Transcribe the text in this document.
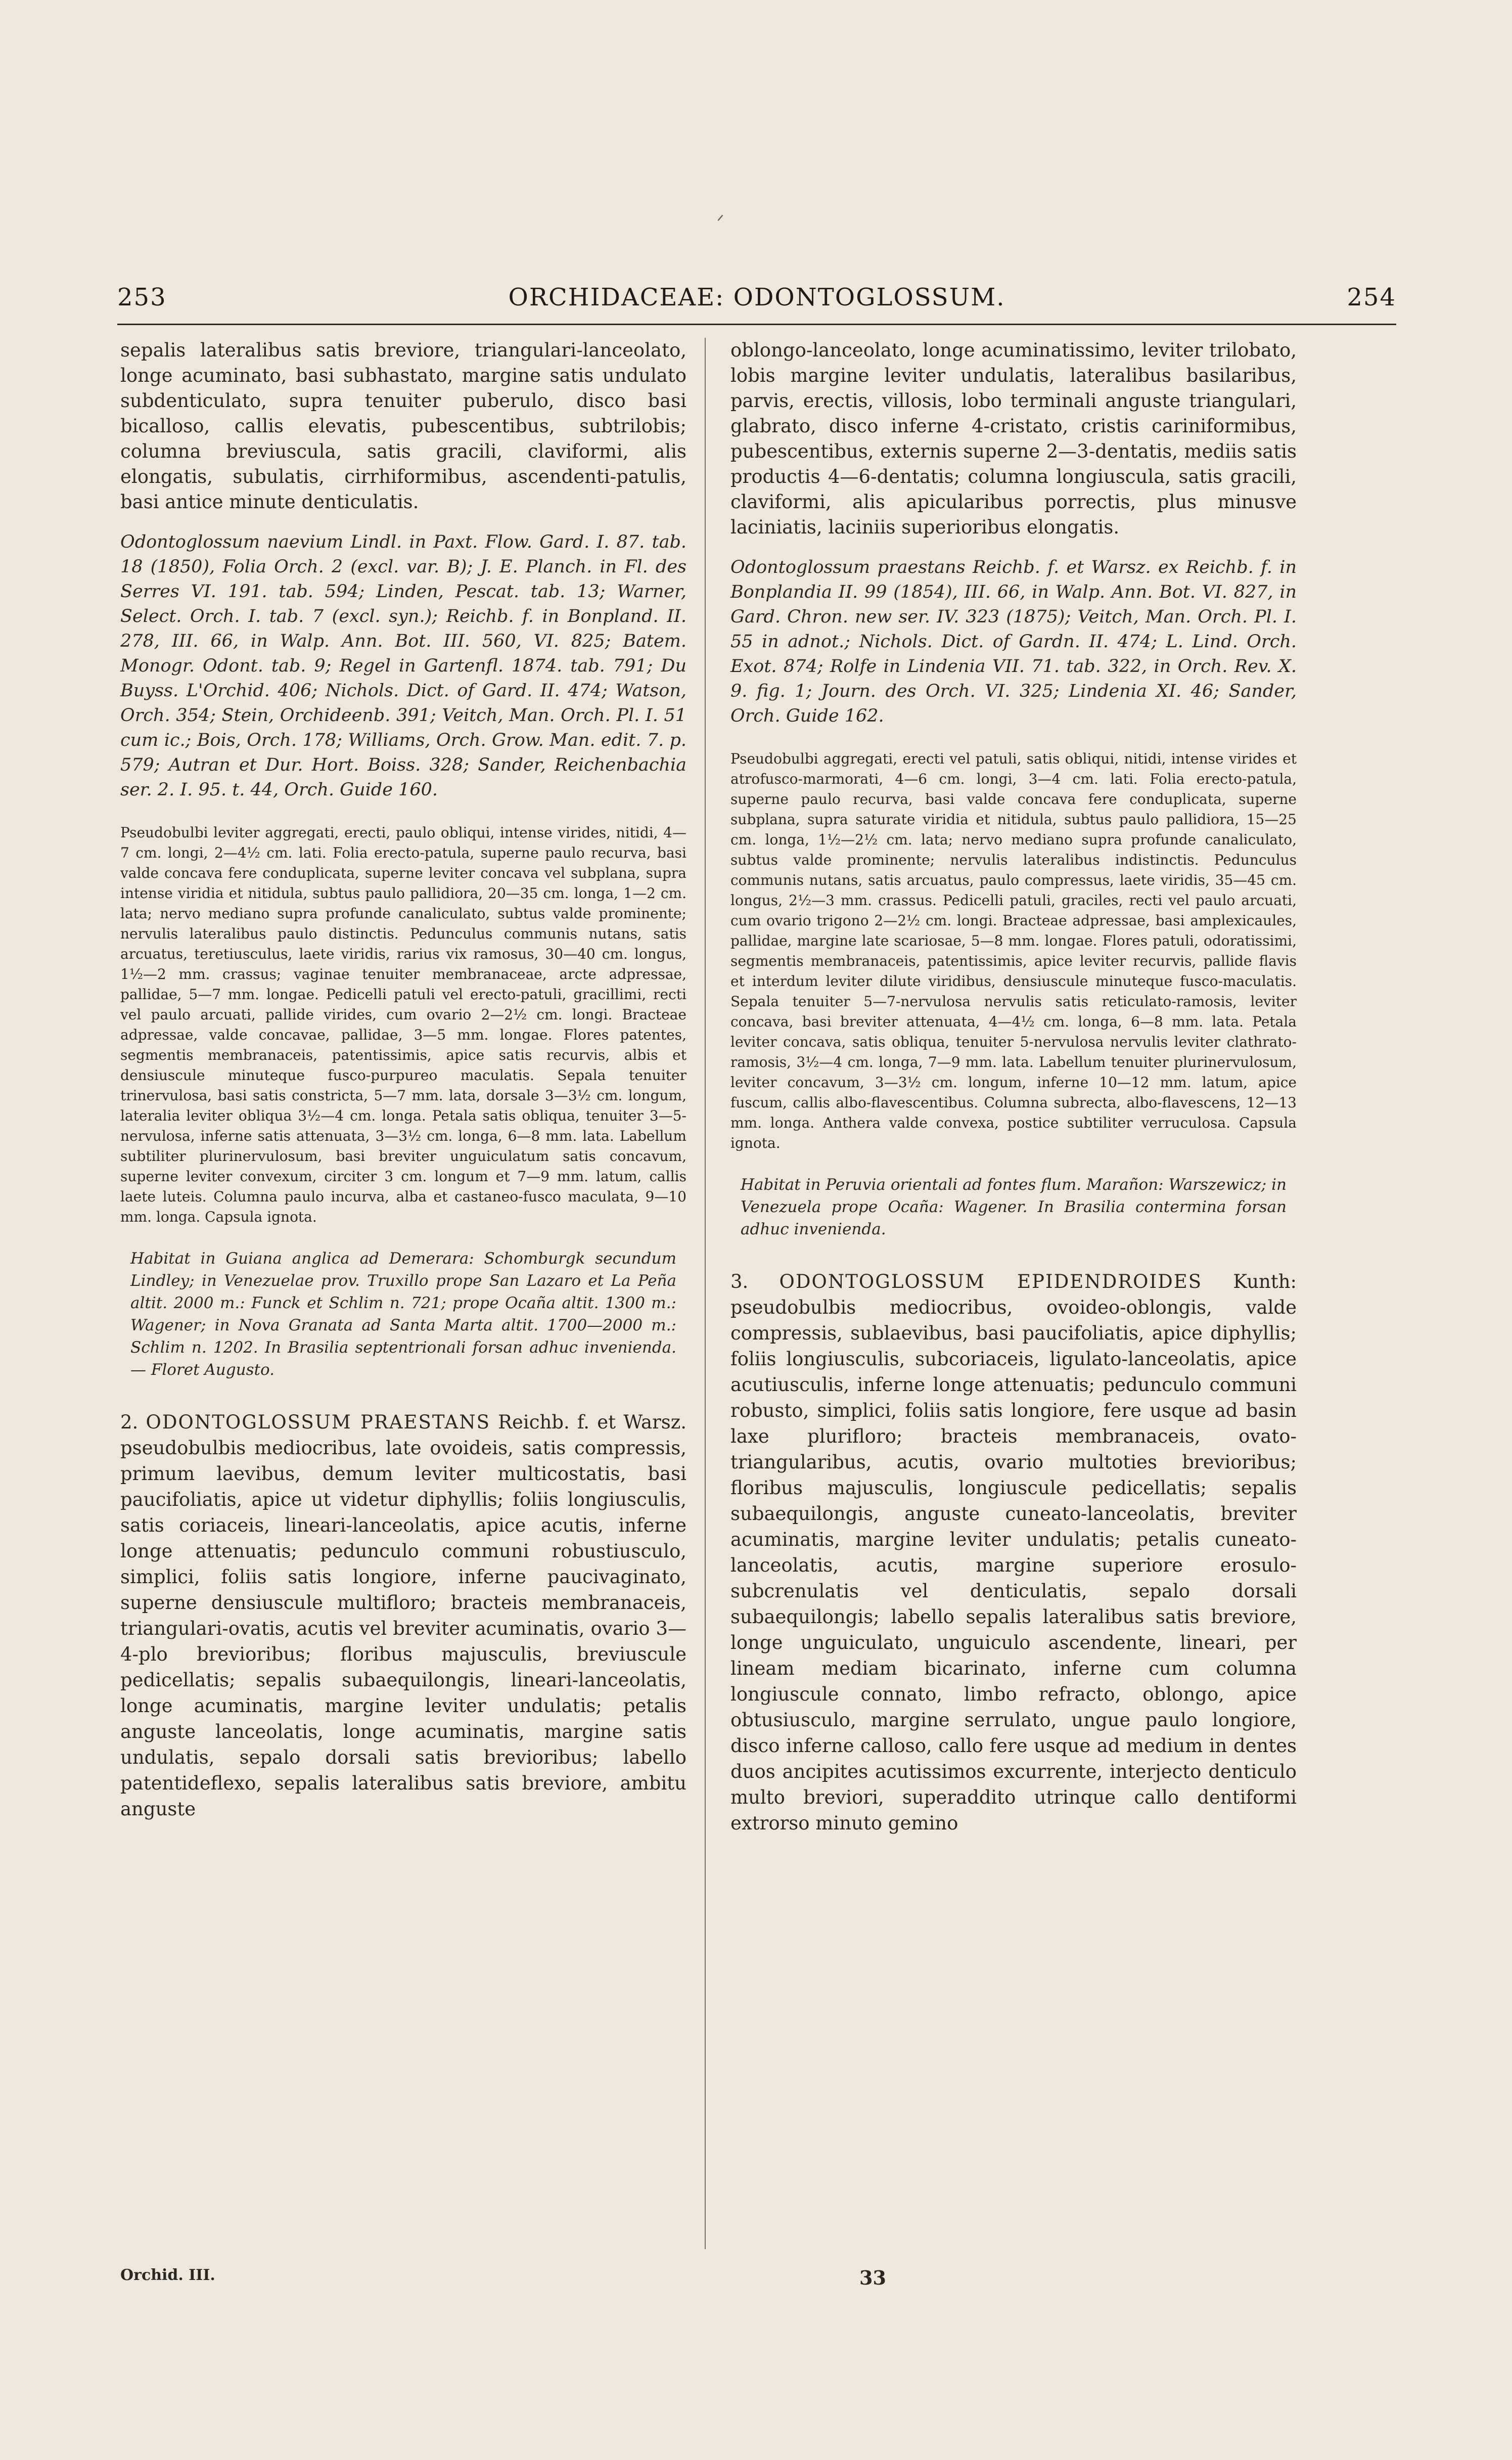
ᐟ
253	ORCHIDACEAE: ODONTOGLOSSUM.	254

sepalis lateralibus satis breviore, triangulari-lanceolato, longe acuminato, basi subhastato, margine satis undulato subdenticulato, supra tenuiter puberulo, disco basi bicalloso, callis elevatis, pubescentibus, subtrilobis; columna breviuscula, satis gracili, claviformi, alis elongatis, subulatis, cirrhiformibus, ascendenti-patulis, basi antice minute denticulatis.

Odontoglossum naevium Lindl. in Paxt. Flow. Gard. I. 87. tab. 18 (1850), Folia Orch. 2 (excl. var. B); J. E. Planch. in Fl. des Serres VI. 191. tab. 594; Linden, Pescat. tab. 13; Warner, Select. Orch. I. tab. 7 (excl. syn.); Reichb. f. in Bonpland. II. 278, III. 66, in Walp. Ann. Bot. III. 560, VI. 825; Batem. Monogr. Odont. tab. 9; Regel in Gartenfl. 1874. tab. 791; Du Buyss. L'Orchid. 406; Nichols. Dict. of Gard. II. 474; Watson, Orch. 354; Stein, Orchideenb. 391; Veitch, Man. Orch. Pl. I. 51 cum ic.; Bois, Orch. 178; Williams, Orch. Grow. Man. edit. 7. p. 579; Autran et Dur. Hort. Boiss. 328; Sander, Reichenbachia ser. 2. I. 95. t. 44, Orch. Guide 160.

Pseudobulbi leviter aggregati, erecti, paulo obliqui, intense virides, nitidi, 4—7 cm. longi, 2—4½ cm. lati. Folia erecto-patula, superne paulo recurva, basi valde concava fere conduplicata, superne leviter concava vel subplana, supra intense viridia et nitidula, subtus paulo pallidiora, 20—35 cm. longa, 1—2 cm. lata; nervo mediano supra profunde canaliculato, subtus valde prominente; nervulis lateralibus paulo distinctis. Pedunculus communis nutans, satis arcuatus, teretiusculus, laete viridis, rarius vix ramosus, 30—40 cm. longus, 1½—2 mm. crassus; vaginae tenuiter membranaceae, arcte adpressae, pallidae, 5—7 mm. longae. Pedicelli patuli vel erecto-patuli, gracillimi, recti vel paulo arcuati, pallide virides, cum ovario 2—2½ cm. longi. Bracteae adpressae, valde concavae, pallidae, 3—5 mm. longae. Flores patentes, segmentis membranaceis, patentissimis, apice satis recurvis, albis et densiuscule minuteque fusco-purpureo maculatis. Sepala tenuiter trinervulosa, basi satis constricta, 5—7 mm. lata, dorsale 3—3½ cm. longum, lateralia leviter obliqua 3½—4 cm. longa. Petala satis obliqua, tenuiter 3—5-nervulosa, inferne satis attenuata, 3—3½ cm. longa, 6—8 mm. lata. Labellum subtiliter plurinervulosum, basi breviter unguiculatum satis concavum, superne leviter convexum, circiter 3 cm. longum et 7—9 mm. latum, callis laete luteis. Columna paulo incurva, alba et castaneo-fusco maculata, 9—10 mm. longa. Capsula ignota.

Habitat in Guiana anglica ad Demerara: Schomburgk secundum Lindley; in Venezuelae prov. Truxillo prope San Lazaro et La Peña altit. 2000 m.: Funck et Schlim n. 721; prope Ocaña altit. 1300 m.: Wagener; in Nova Granata ad Santa Marta altit. 1700—2000 m.: Schlim n. 1202. In Brasilia septentrionali forsan adhuc invenienda. — Floret Augusto.

2. ODONTOGLOSSUM PRAESTANS Reichb. f. et Warsz. pseudobulbis mediocribus, late ovoideis, satis compressis, primum laevibus, demum leviter multicostatis, basi paucifoliatis, apice ut videtur diphyllis; foliis longiusculis, satis coriaceis, lineari-lanceolatis, apice acutis, inferne longe attenuatis; pedunculo communi robustiusculo, simplici, foliis satis longiore, inferne paucivaginato, superne densiuscule multifloro; bracteis membranaceis, triangulari-ovatis, acutis vel breviter acuminatis, ovario 3—4-plo brevioribus; floribus majusculis, breviuscule pedicellatis; sepalis subaequilongis, lineari-lanceolatis, longe acuminatis, margine leviter undulatis; petalis anguste lanceolatis, longe acuminatis, margine satis undulatis, sepalo dorsali satis brevioribus; labello patentideflexo, sepalis lateralibus satis breviore, ambitu anguste

oblongo-lanceolato, longe acuminatissimo, leviter trilobato, lobis margine leviter undulatis, lateralibus basilaribus, parvis, erectis, villosis, lobo terminali anguste triangulari, glabrato, disco inferne 4-cristato, cristis cariniformibus, pubescentibus, externis superne 2—3-dentatis, mediis satis productis 4—6-dentatis; columna longiuscula, satis gracili, claviformi, alis apicularibus porrectis, plus minusve laciniatis, laciniis superioribus elongatis.

Odontoglossum praestans Reichb. f. et Warsz. ex Reichb. f. in Bonplandia II. 99 (1854), III. 66, in Walp. Ann. Bot. VI. 827, in Gard. Chron. new ser. IV. 323 (1875); Veitch, Man. Orch. Pl. I. 55 in adnot.; Nichols. Dict. of Gardn. II. 474; L. Lind. Orch. Exot. 874; Rolfe in Lindenia VII. 71. tab. 322, in Orch. Rev. X. 9. fig. 1; Journ. des Orch. VI. 325; Lindenia XI. 46; Sander, Orch. Guide 162.

Pseudobulbi aggregati, erecti vel patuli, satis obliqui, nitidi, intense virides et atrofusco-marmorati, 4—6 cm. longi, 3—4 cm. lati. Folia erecto-patula, superne paulo recurva, basi valde concava fere conduplicata, superne subplana, supra saturate viridia et nitidula, subtus paulo pallidiora, 15—25 cm. longa, 1½—2½ cm. lata; nervo mediano supra profunde canaliculato, subtus valde prominente; nervulis lateralibus indistinctis. Pedunculus communis nutans, satis arcuatus, paulo compressus, laete viridis, 35—45 cm. longus, 2½—3 mm. crassus. Pedicelli patuli, graciles, recti vel paulo arcuati, cum ovario trigono 2—2½ cm. longi. Bracteae adpressae, basi amplexicaules, pallidae, margine late scariosae, 5—8 mm. longae. Flores patuli, odoratissimi, segmentis membranaceis, patentissimis, apice leviter recurvis, pallide flavis et interdum leviter dilute viridibus, densiuscule minuteque fusco-maculatis. Sepala tenuiter 5—7-nervulosa nervulis satis reticulato-ramosis, leviter concava, basi breviter attenuata, 4—4½ cm. longa, 6—8 mm. lata. Petala leviter concava, satis obliqua, tenuiter 5-nervulosa nervulis leviter clathrato-ramosis, 3½—4 cm. longa, 7—9 mm. lata. Labellum tenuiter plurinervulosum, leviter concavum, 3—3½ cm. longum, inferne 10—12 mm. latum, apice fuscum, callis albo-flavescentibus. Columna subrecta, albo-flavescens, 12—13 mm. longa. Anthera valde convexa, postice subtiliter verruculosa. Capsula ignota.

Habitat in Peruvia orientali ad fontes flum. Marañon: Warszewicz; in Venezuela prope Ocaña: Wagener. In Brasilia contermina forsan adhuc invenienda.

3. ODONTOGLOSSUM EPIDENDROIDES Kunth: pseudobulbis mediocribus, ovoideo-oblongis, valde compressis, sublaevibus, basi paucifoliatis, apice diphyllis; foliis longiusculis, subcoriaceis, ligulato-lanceolatis, apice acutiusculis, inferne longe attenuatis; pedunculo communi robusto, simplici, foliis satis longiore, fere usque ad basin laxe plurifloro; bracteis membranaceis, ovato-triangularibus, acutis, ovario multoties brevioribus; floribus majusculis, longiuscule pedicellatis; sepalis subaequilongis, anguste cuneato-lanceolatis, breviter acuminatis, margine leviter undulatis; petalis cuneato-lanceolatis, acutis, margine superiore erosulo-subcrenulatis vel denticulatis, sepalo dorsali subaequilongis; labello sepalis lateralibus satis breviore, longe unguiculato, unguiculo ascendente, lineari, per lineam mediam bicarinato, inferne cum columna longiuscule connato, limbo refracto, oblongo, apice obtusiusculo, margine serrulato, ungue paulo longiore, disco inferne calloso, callo fere usque ad medium in dentes duos ancipites acutissimos excurrente, interjecto denticulo multo breviori, superaddito utrinque callo dentiformi extrorso minuto gemino

Orchid. III.	33
